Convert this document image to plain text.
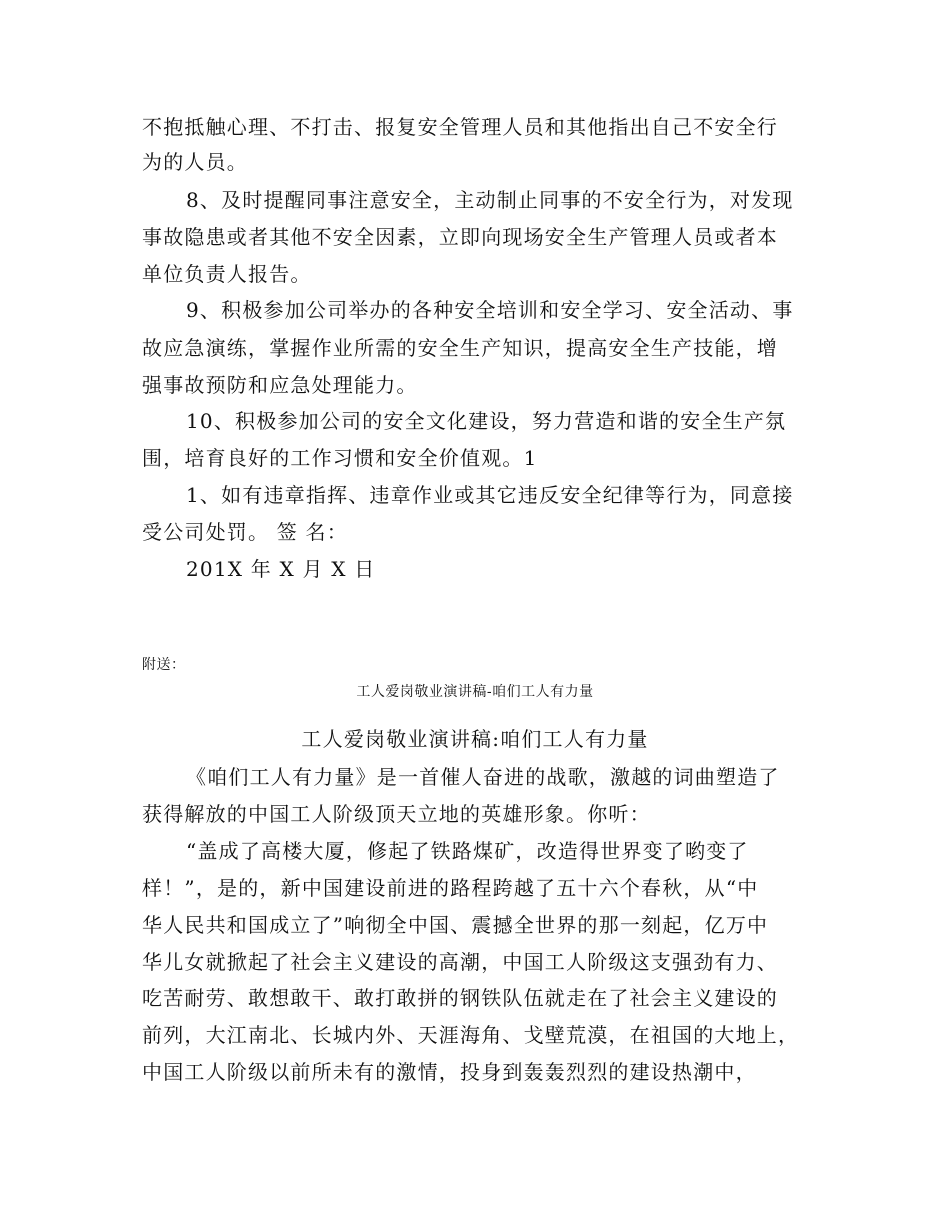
不抱抵触心理、不打击、报复安全管理人员和其他指出自己不安全行
为的人员。
8、及时提醒同事注意安全，主动制止同事的不安全行为，对发现
事故隐患或者其他不安全因素，立即向现场安全生产管理人员或者本
单位负责人报告。
9、积极参加公司举办的各种安全培训和安全学习、安全活动、事
故应急演练，掌握作业所需的安全生产知识，提高安全生产技能，增
强事故预防和应急处理能力。
10、积极参加公司的安全文化建设，努力营造和谐的安全生产氛
围，培育良好的工作习惯和安全价值观。1
1、如有违章指挥、违章作业或其它违反安全纪律等行为，同意接
受公司处罚。 签 名：
201X 年 X 月 X 日
附送：
工人爱岗敬业演讲稿-咱们工人有力量
工人爱岗敬业演讲稿:咱们工人有力量
《咱们工人有力量》是一首催人奋进的战歌，激越的词曲塑造了
获得解放的中国工人阶级顶天立地的英雄形象。你听：
“盖成了高楼大厦，修起了铁路煤矿，改造得世界变了哟变了
样！”，是的，新中国建设前进的路程跨越了五十六个春秋，从“中
华人民共和国成立了”响彻全中国、震撼全世界的那一刻起，亿万中
华儿女就掀起了社会主义建设的高潮，中国工人阶级这支强劲有力、
吃苦耐劳、敢想敢干、敢打敢拼的钢铁队伍就走在了社会主义建设的
前列，大江南北、长城内外、天涯海角、戈壁荒漠，在祖国的大地上，
中国工人阶级以前所未有的激情，投身到轰轰烈烈的建设热潮中，
